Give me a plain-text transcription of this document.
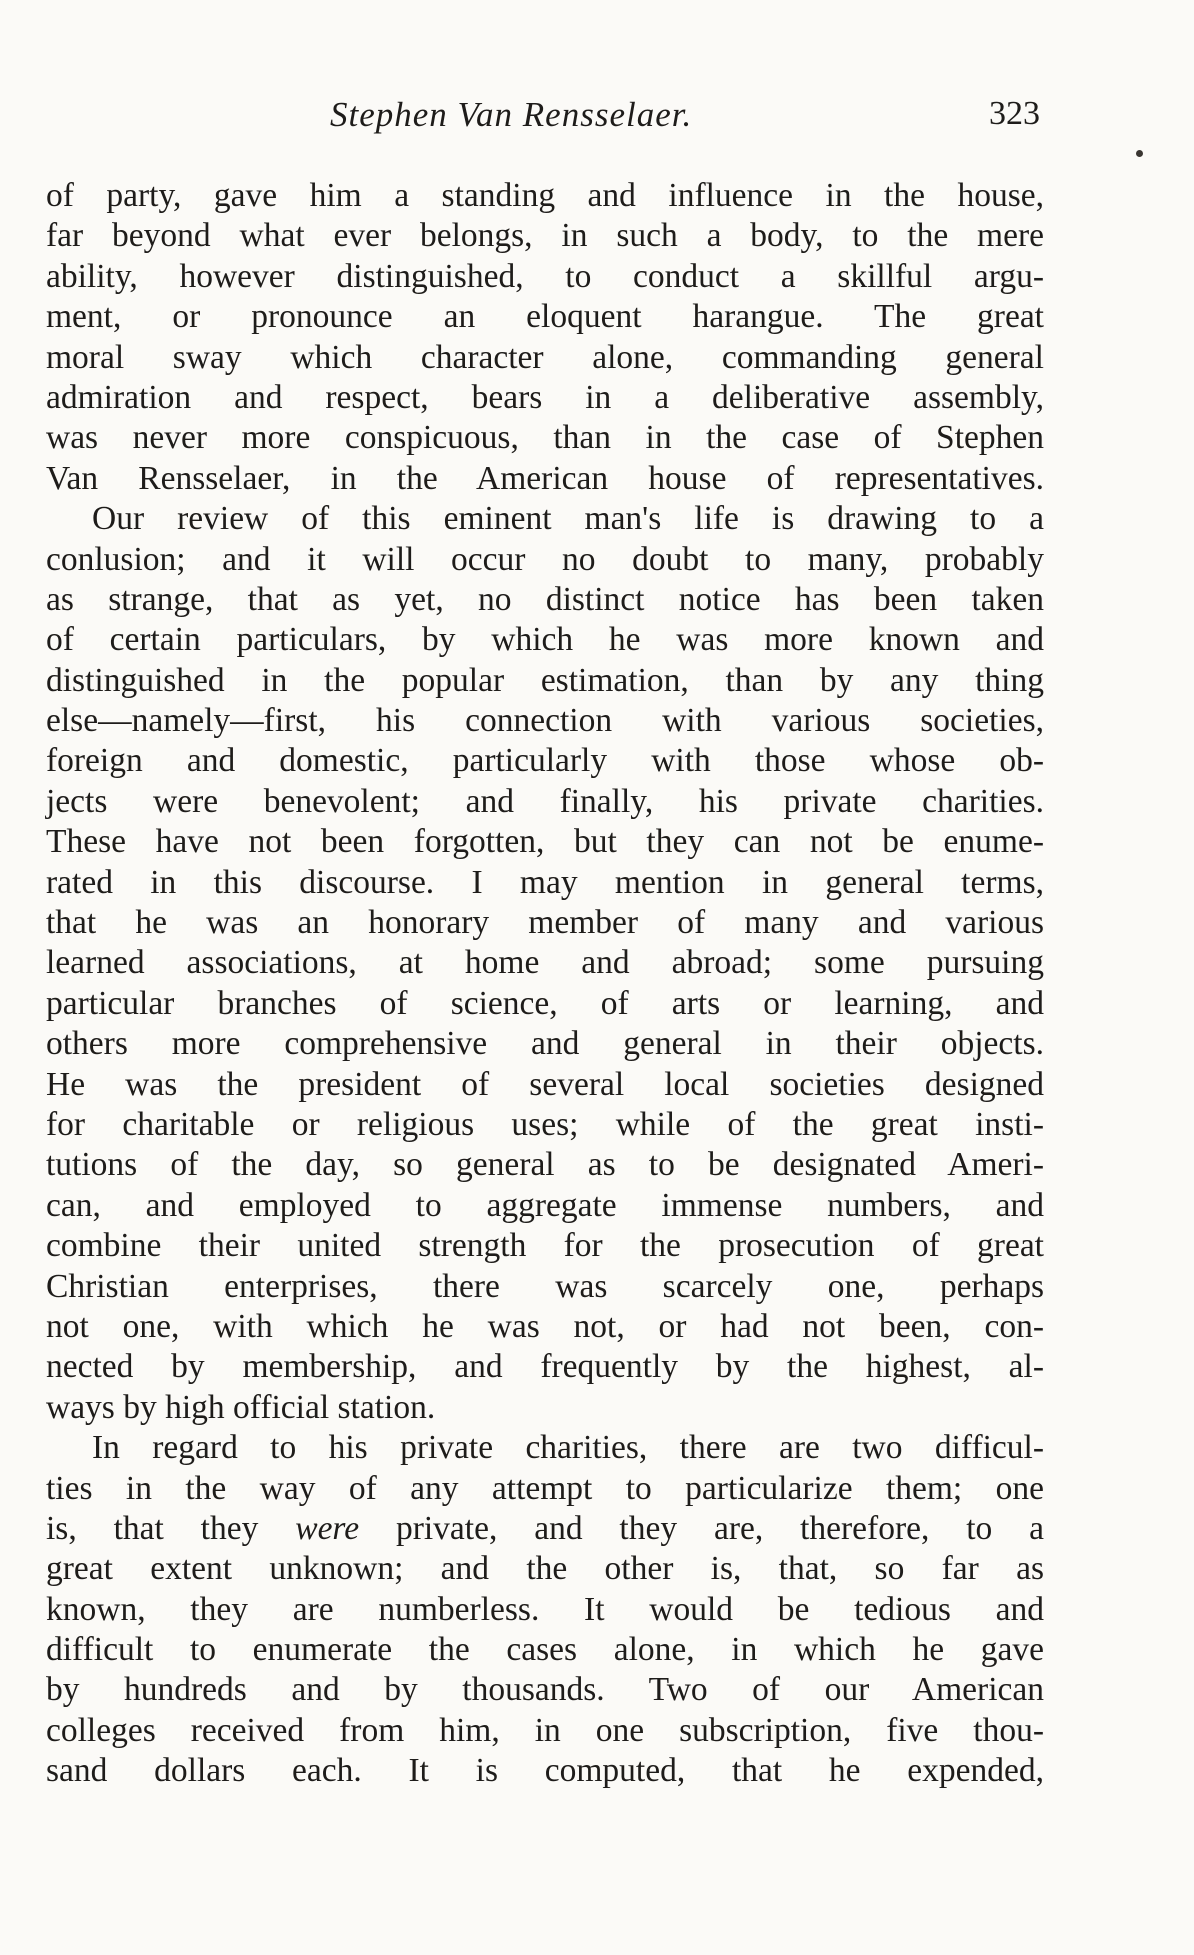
Stephen Van Rensselaer.	323
of party, gave him a standing and influence in the house,
far beyond what ever belongs, in such a body, to the mere
ability, however distinguished, to conduct a skillful argu-
ment, or pronounce an eloquent harangue. The great
moral sway which character alone, commanding general
admiration and respect, bears in a deliberative assembly,
was never more conspicuous, than in the case of Stephen
Van Rensselaer, in the American house of representatives.
Our review of this eminent man's life is drawing to a
conlusion; and it will occur no doubt to many, probably
as strange, that as yet, no distinct notice has been taken
of certain particulars, by which he was more known and
distinguished in the popular estimation, than by any thing
else—namely—first, his connection with various societies,
foreign and domestic, particularly with those whose ob-
jects were benevolent; and finally, his private charities.
These have not been forgotten, but they can not be enume-
rated in this discourse. I may mention in general terms,
that he was an honorary member of many and various
learned associations, at home and abroad; some pursuing
particular branches of science, of arts or learning, and
others more comprehensive and general in their objects.
He was the president of several local societies designed
for charitable or religious uses; while of the great insti-
tutions of the day, so general as to be designated Ameri-
can, and employed to aggregate immense numbers, and
combine their united strength for the prosecution of great
Christian enterprises, there was scarcely one, perhaps
not one, with which he was not, or had not been, con-
nected by membership, and frequently by the highest, al-
ways by high official station.
In regard to his private charities, there are two difficul-
ties in the way of any attempt to particularize them; one
is, that they were private, and they are, therefore, to a
great extent unknown; and the other is, that, so far as
known, they are numberless. It would be tedious and
difficult to enumerate the cases alone, in which he gave
by hundreds and by thousands. Two of our American
colleges received from him, in one subscription, five thou-
sand dollars each. It is computed, that he expended,
